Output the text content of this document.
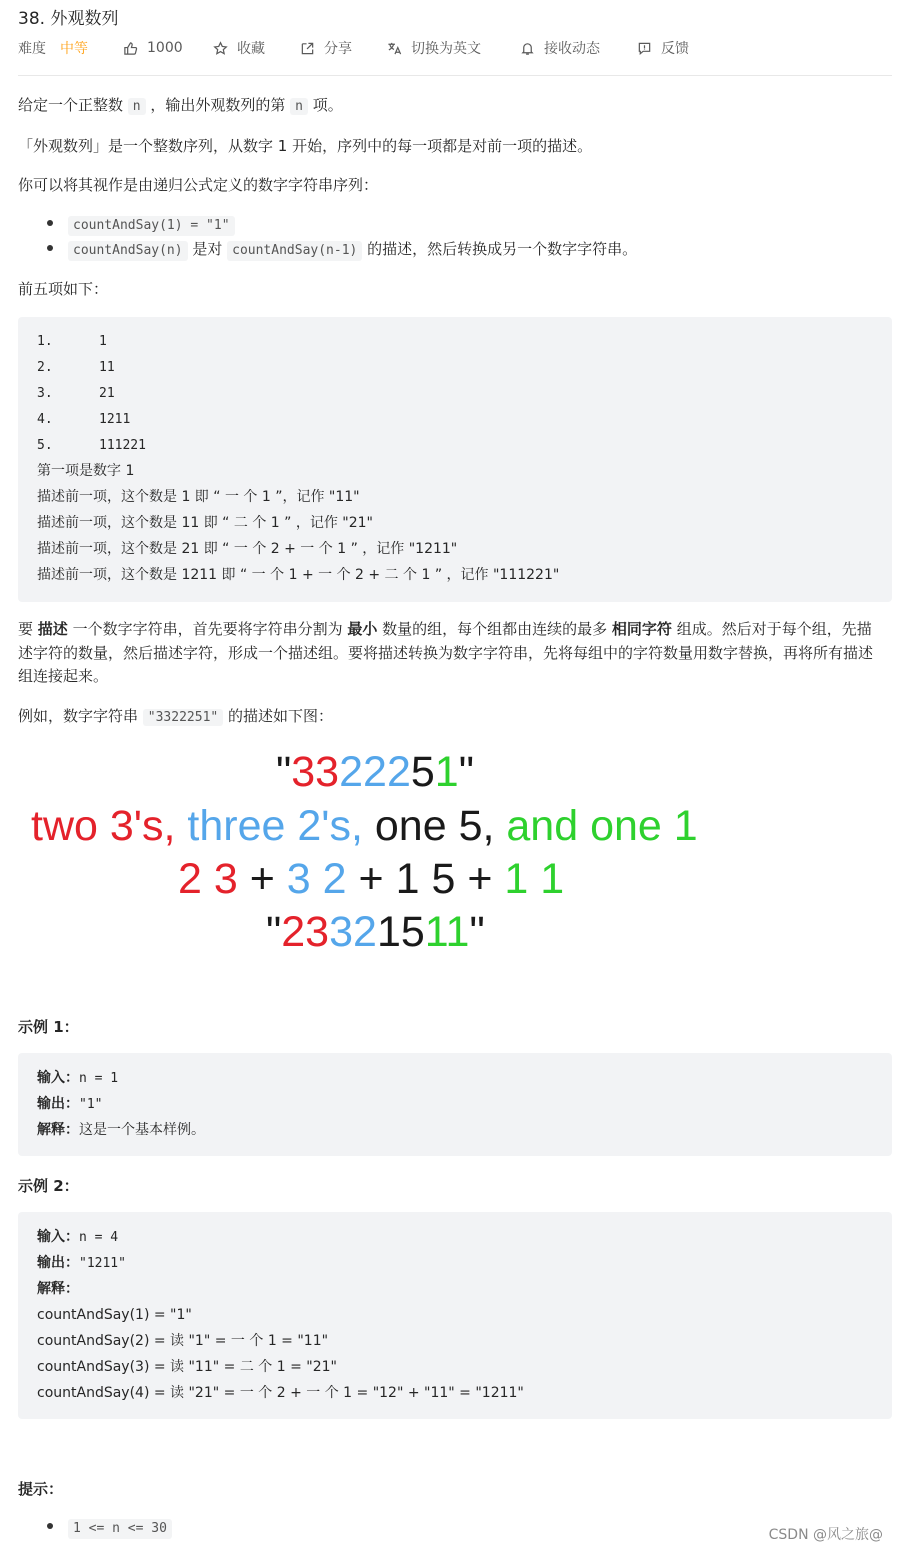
38. 外观数列
难度 中等	1000	收藏	分享	切换为英文	接收动态	反馈
给定一个正整数 n ，输出外观数列的第 n 项。
「外观数列」是一个整数序列，从数字 1 开始，序列中的每一项都是对前一项的描述。
你可以将其视作是由递归公式定义的数字字符串序列：
countAndSay(1) = "1"
countAndSay(n) 是对 countAndSay(n-1) 的描述，然后转换成另一个数字字符串。
前五项如下：
1.	1
2.	11
3.	21
4.	1211
5.	111221
第一项是数字 1
描述前一项，这个数是 1 即 “ 一 个 1 ”，记作 "11"
描述前一项，这个数是 11 即 “ 二 个 1 ” ，记作 "21"
描述前一项，这个数是 21 即 “ 一 个 2 + 一 个 1 ” ，记作 "1211"
描述前一项，这个数是 1211 即 “ 一 个 1 + 一 个 2 + 二 个 1 ” ，记作 "111221"
要 描述 一个数字字符串，首先要将字符串分割为 最小 数量的组，每个组都由连续的最多 相同字符 组成。然后对于每个组，先描述字符的数量，然后描述字符，形成一个描述组。要将描述转换为数字字符串，先将每组中的字符数量用数字替换，再将所有描述组连接起来。
例如，数字字符串 "3322251" 的描述如下图：
"3322251"
two 3's, three 2's, one 5, and one 1
2 3 + 3 2 + 1 5 + 1 1
"23321511"
示例 1：
输入：n = 1
输出："1"
解释：这是一个基本样例。
示例 2：
输入：n = 4
输出："1211"
解释：
countAndSay(1) = "1"
countAndSay(2) = 读 "1" = 一 个 1 = "11"
countAndSay(3) = 读 "11" = 二 个 1 = "21"
countAndSay(4) = 读 "21" = 一 个 2 + 一 个 1 = "12" + "11" = "1211"
提示：
1 <= n <= 30	CSDN @风之旅@
